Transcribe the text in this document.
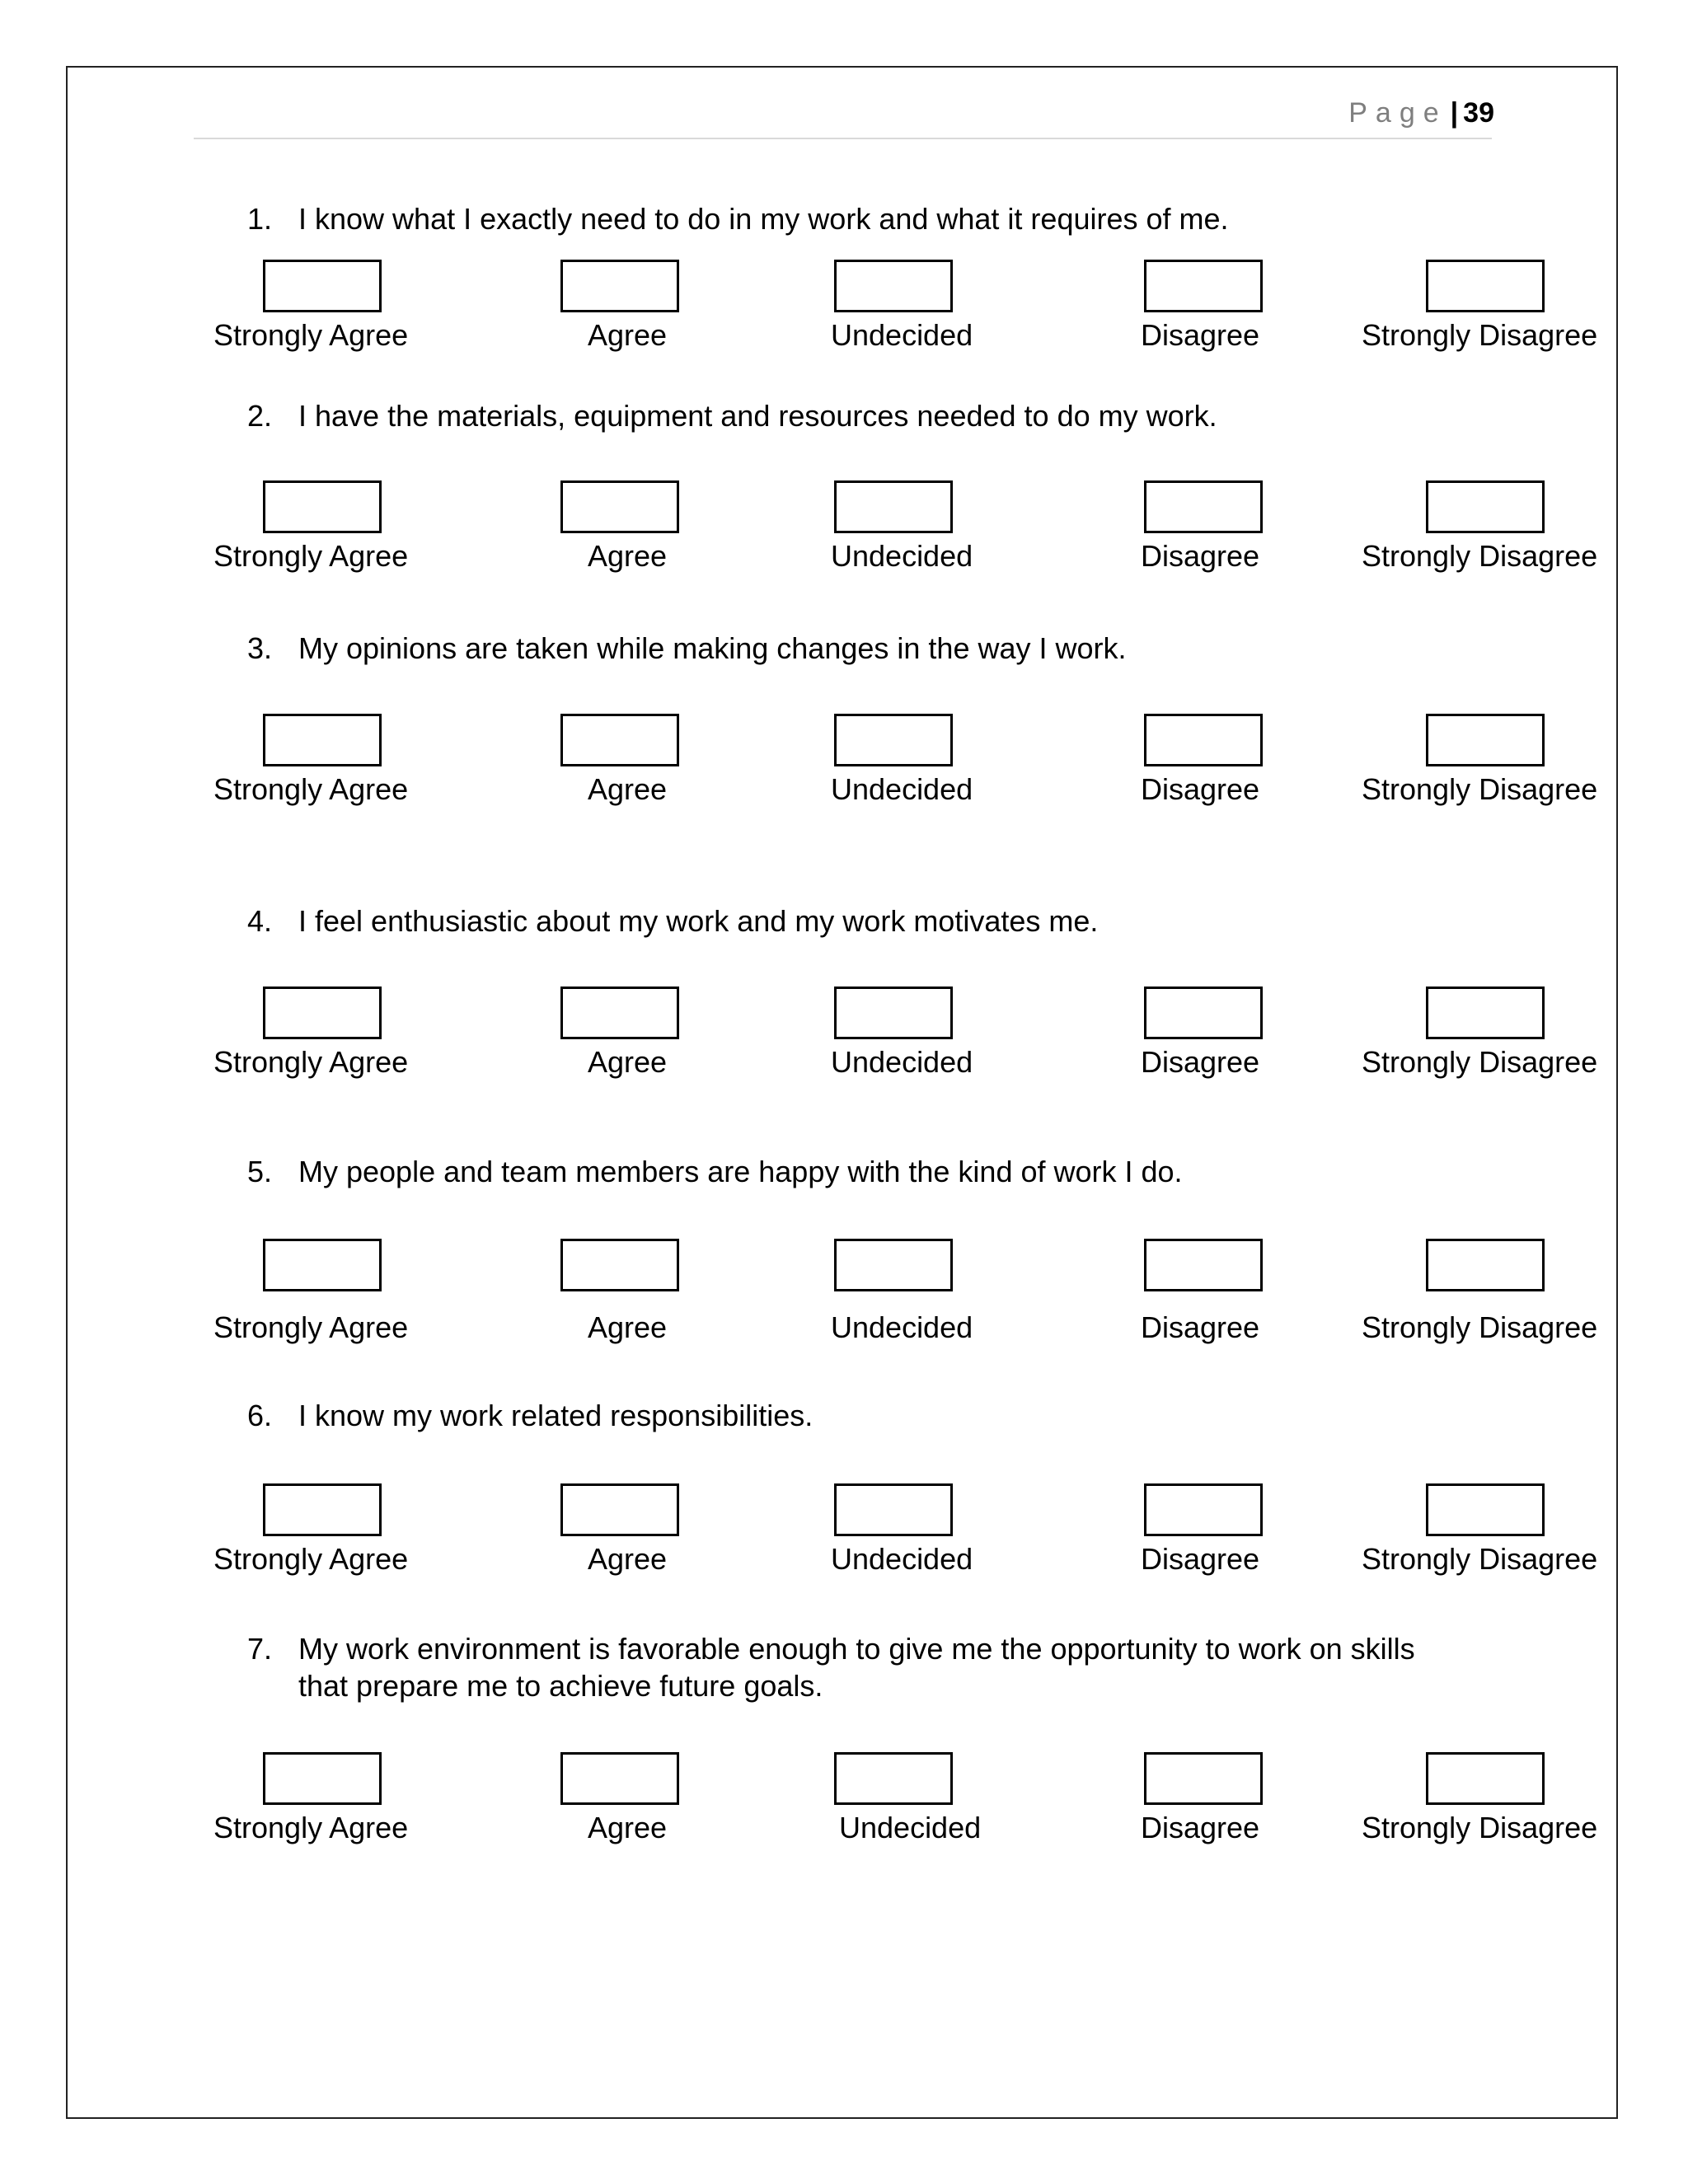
Page | 39
1. I know what I exactly need to do in my work and what it requires of me.
Strongly Agree	Agree	Undecided	Disagree	Strongly Disagree
2. I have the materials, equipment and resources needed to do my work.
Strongly Agree	Agree	Undecided	Disagree	Strongly Disagree
3. My opinions are taken while making changes in the way I work.
Strongly Agree	Agree	Undecided	Disagree	Strongly Disagree
4. I feel enthusiastic about my work and my work motivates me.
Strongly Agree	Agree	Undecided	Disagree	Strongly Disagree
5. My people and team members are happy with the kind of work I do.
Strongly Agree	Agree	Undecided	Disagree	Strongly Disagree
6. I know my work related responsibilities.
Strongly Agree	Agree	Undecided	Disagree	Strongly Disagree
7. My work environment is favorable enough to give me the opportunity to work on skills that prepare me to achieve future goals.
Strongly Agree	Agree	Undecided	Disagree	Strongly Disagree
